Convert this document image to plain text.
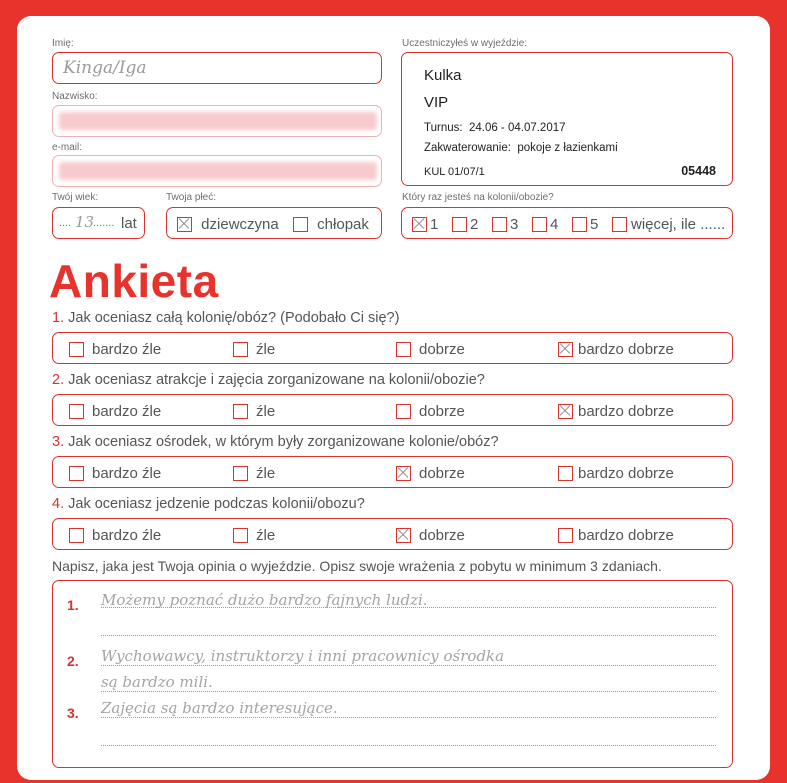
Imię:
Kinga/Iga
Nazwisko:
e-mail:
Twój wiek:
.... 13
....... lat
Twoja płeć:
dziewczyna	chłopak
Uczestniczyłeś w wyjeździe:
Kulka
VIP
Turnus: 24.06 - 04.07.2017
Zakwaterowanie: pokoje z łazienkami
KUL 01/07/1	05448
Który raz jesteś na kolonii/obozie?
1	2	3	4	5	więcej, ile ......
Ankieta
1. Jak oceniasz całą kolonię/obóz? (Podobało Ci się?)
bardzo źle	źle	dobrze	bardzo dobrze
2. Jak oceniasz atrakcje i zajęcia zorganizowane na kolonii/obozie?
bardzo źle	źle	dobrze	bardzo dobrze
3. Jak oceniasz ośrodek, w którym były zorganizowane kolonie/obóz?
bardzo źle	źle	dobrze	bardzo dobrze
4. Jak oceniasz jedzenie podczas kolonii/obozu?
bardzo źle	źle	dobrze	bardzo dobrze
Napisz, jaka jest Twoja opinia o wyjeździe. Opisz swoje wrażenia z pobytu w minimum 3 zdaniach.
1. Możemy poznać dużo bardzo fajnych ludzi.
2. Wychowawcy, instruktorzy i inni pracownicy ośrodka
są bardzo mili.
3. Zajęcia są bardzo interesujące.
